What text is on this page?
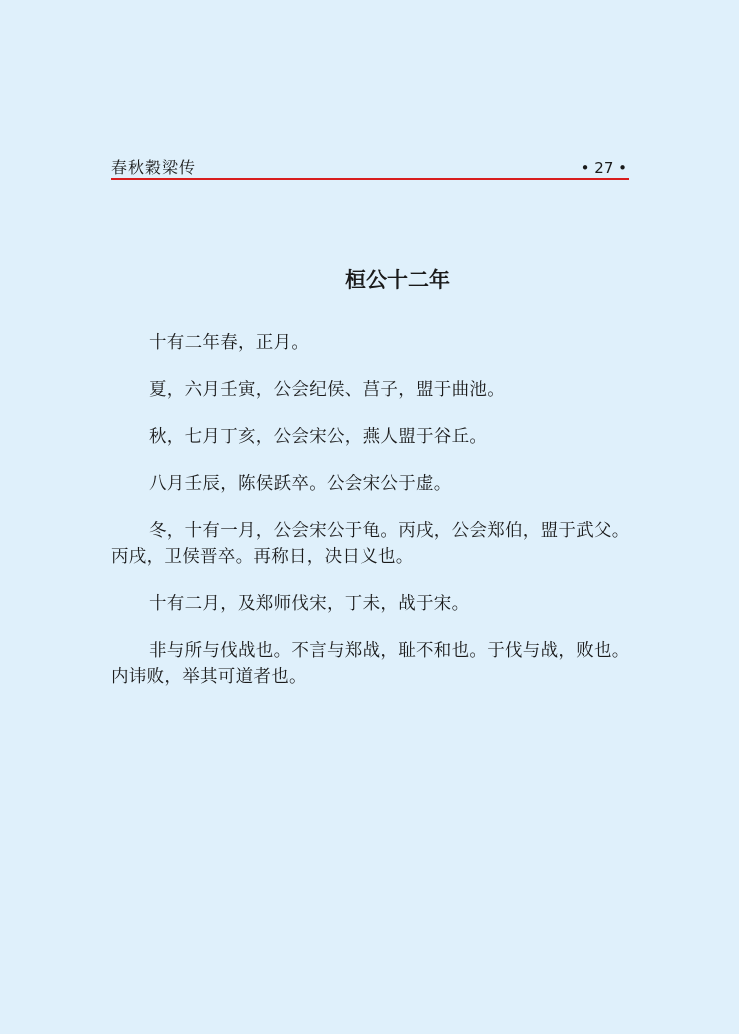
春秋穀梁传	• 27 •
桓公十二年

十有二年春，正月。

夏，六月壬寅，公会纪侯、莒子，盟于曲池。

秋，七月丁亥，公会宋公，燕人盟于谷丘。

八月壬辰，陈侯跃卒。公会宋公于虚。

冬，十有一月，公会宋公于龟。丙戌，公会郑伯，盟于武父。丙戌，卫侯晋卒。再称日，决日义也。

十有二月，及郑师伐宋，丁未，战于宋。

非与所与伐战也。不言与郑战，耻不和也。于伐与战，败也。内讳败，举其可道者也。
